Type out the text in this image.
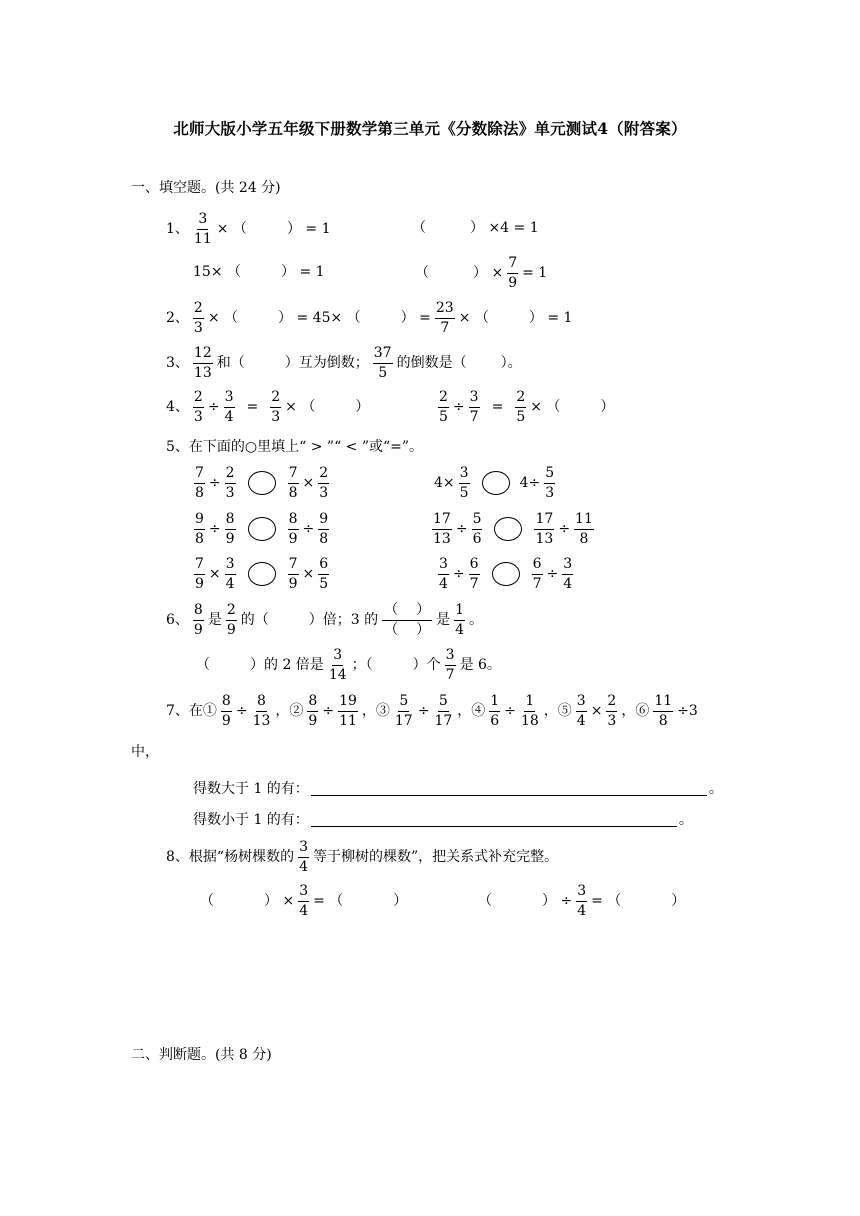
北师大版小学五年级下册数学第三单元《分数除法》单元测试4（附答案）
一、填空题。(共 24 分)
1、 $\frac{3}{11}$ × （	） = 1	（	） ×4 = 1
15× （	） = 1	（	） × $\frac{7}{9} = 1$
2、 $\frac{2}{3}$ × （	） = 45× （	） = $\frac{23}{7}$ × （	） = 1
3、 $\frac{12}{13}$ 和（	）互为倒数； $\frac{37}{5}$ 的倒数是（ ）。
4、 $\frac{2}{3} \div \frac{3}{4} = \frac{2}{3}$ × （	）	$\frac{2}{5} \div \frac{3}{7} = \frac{2}{5}$ × （	）
5、在下面的○里填上“ > ”“ < ”或“=”。
$\frac{7}{8} \div \frac{2}{3}$	$\frac{7}{8} \times \frac{2}{3}$	$4\times \frac{3}{5}$	$4\div \frac{5}{3}$
$\frac{9}{8} \div \frac{8}{9}$	$\frac{8}{9} \div \frac{9}{8}$	$\frac{17}{13} \div \frac{5}{6}$	$\frac{17}{13} \div \frac{11}{8}$
$\frac{7}{9} \times \frac{3}{4}$	$\frac{7}{9} \times \frac{6}{5}$	$\frac{3}{4} \div \frac{6}{7}$	$\frac{6}{7} \div \frac{3}{4}$
6、 $\frac{8}{9}$ 是 $\frac{2}{9}$ 的（	）倍；3 的
（ ）
（ ）
是 $\frac{1}{4}$ 。
（	）的 2 倍是 $\frac{3}{14}$ ；（	）个 $\frac{3}{7}$ 是 6。
7、在① $\frac{8}{9} \div \frac{8}{13}$ ，② $\frac{8}{9} \div \frac{19}{11}$ ，③ $\frac{5}{17} \div \frac{5}{17}$ ，④ $\frac{1}{6} \div \frac{1}{18}$ ，⑤ $\frac{3}{4} \times \frac{2}{3}$ ，⑥ $\frac{11}{8} \div 3$
中，
得数大于 1 的有：	。
得数小于 1 的有：	。
8、根据“杨树棵数的 $\frac{3}{4}$ 等于柳树的棵数”，把关系式补充完整。
（	） × $\frac{3}{4}$ = （	）	（	） ÷ $\frac{3}{4}$ = （	）
二、判断题。(共 8 分)
